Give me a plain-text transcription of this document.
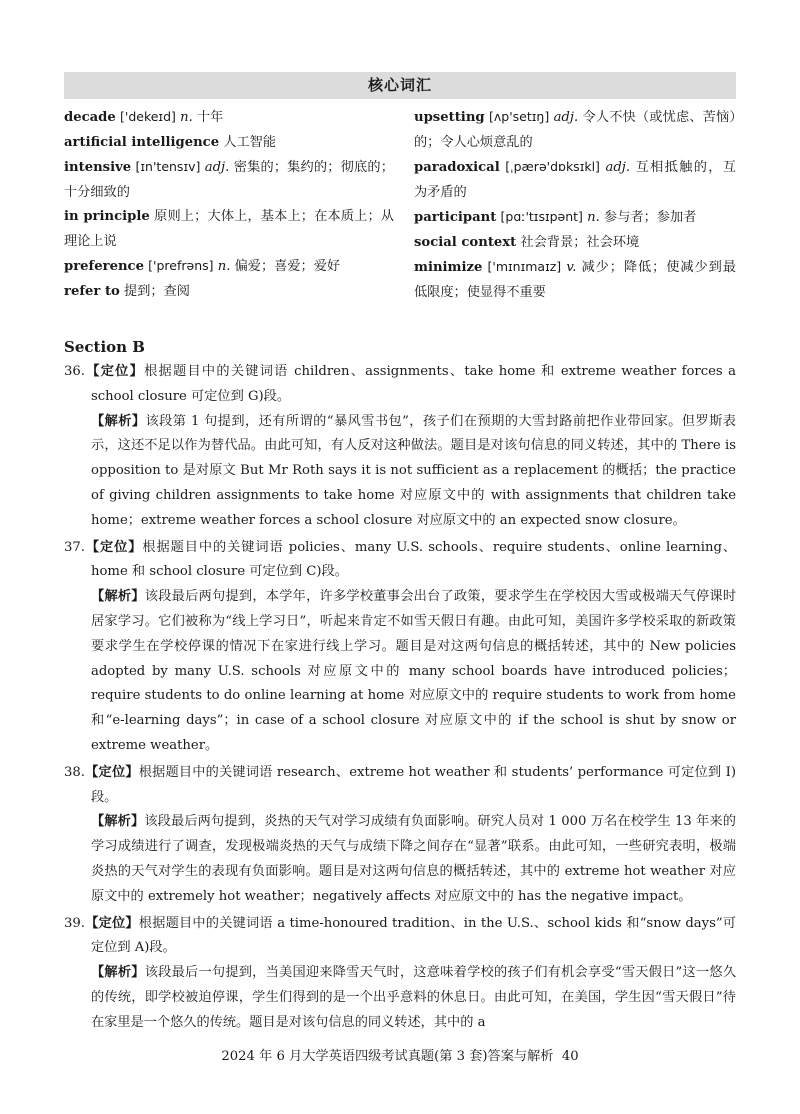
核心词汇
decade ['dekeɪd] n. 十年
artificial intelligence 人工智能
intensive [ɪn'tensɪv] adj. 密集的；集约的；彻底的；十分细致的
in principle 原则上；大体上，基本上；在本质上；从理论上说
preference ['prefrəns] n. 偏爱；喜爱；爱好
refer to 提到；查阅
upsetting [ʌp'setɪŋ] adj. 令人不快（或忧虑、苦恼）的；令人心烦意乱的
paradoxical [ˌpærə'dɒksɪkl] adj. 互相抵触的，互为矛盾的
participant [pɑː'tɪsɪpənt] n. 参与者；参加者
social context 社会背景；社会环境
minimize ['mɪnɪmaɪz] v. 减少；降低；使减少到最低限度；使显得不重要
Section B

36.【定位】根据题目中的关键词语 children、assignments、take home 和 extreme weather forces a school closure 可定位到 G)段。

【解析】该段第 1 句提到，还有所谓的“暴风雪书包”，孩子们在预期的大雪封路前把作业带回家。但罗斯表示，这还不足以作为替代品。由此可知，有人反对这种做法。题目是对该句信息的同义转述，其中的 There is opposition to 是对原文 But Mr Roth says it is not sufficient as a replacement 的概括；the practice of giving children assignments to take home 对应原文中的 with assignments that children take home；extreme weather forces a school closure 对应原文中的 an expected snow closure。

37.【定位】根据题目中的关键词语 policies、many U.S. schools、require students、online learning、home 和 school closure 可定位到 C)段。

【解析】该段最后两句提到，本学年，许多学校董事会出台了政策，要求学生在学校因大雪或极端天气停课时居家学习。它们被称为“线上学习日”，听起来肯定不如雪天假日有趣。由此可知，美国许多学校采取的新政策要求学生在学校停课的情况下在家进行线上学习。题目是对这两句信息的概括转述，其中的 New policies adopted by many U.S. schools 对应原文中的 many school boards have introduced policies；require students to do online learning at home 对应原文中的 require students to work from home 和“e-learning days”；in case of a school closure 对应原文中的 if the school is shut by snow or extreme weather。

38.【定位】根据题目中的关键词语 research、extreme hot weather 和 students’ performance 可定位到 I)段。

【解析】该段最后两句提到，炎热的天气对学习成绩有负面影响。研究人员对 1 000 万名在校学生 13 年来的学习成绩进行了调查，发现极端炎热的天气与成绩下降之间存在“显著”联系。由此可知，一些研究表明，极端炎热的天气对学生的表现有负面影响。题目是对这两句信息的概括转述，其中的 extreme hot weather 对应原文中的 extremely hot weather；negatively affects 对应原文中的 has the negative impact。

39.【定位】根据题目中的关键词语 a time-honoured tradition、in the U.S.、school kids 和“snow days”可定位到 A)段。

【解析】该段最后一句提到，当美国迎来降雪天气时，这意味着学校的孩子们有机会享受“雪天假日”这一悠久的传统，即学校被迫停课，学生们得到的是一个出乎意料的休息日。由此可知，在美国，学生因“雪天假日”待在家里是一个悠久的传统。题目是对该句信息的同义转述，其中的 a

2024 年 6 月大学英语四级考试真题(第 3 套)答案与解析 40
